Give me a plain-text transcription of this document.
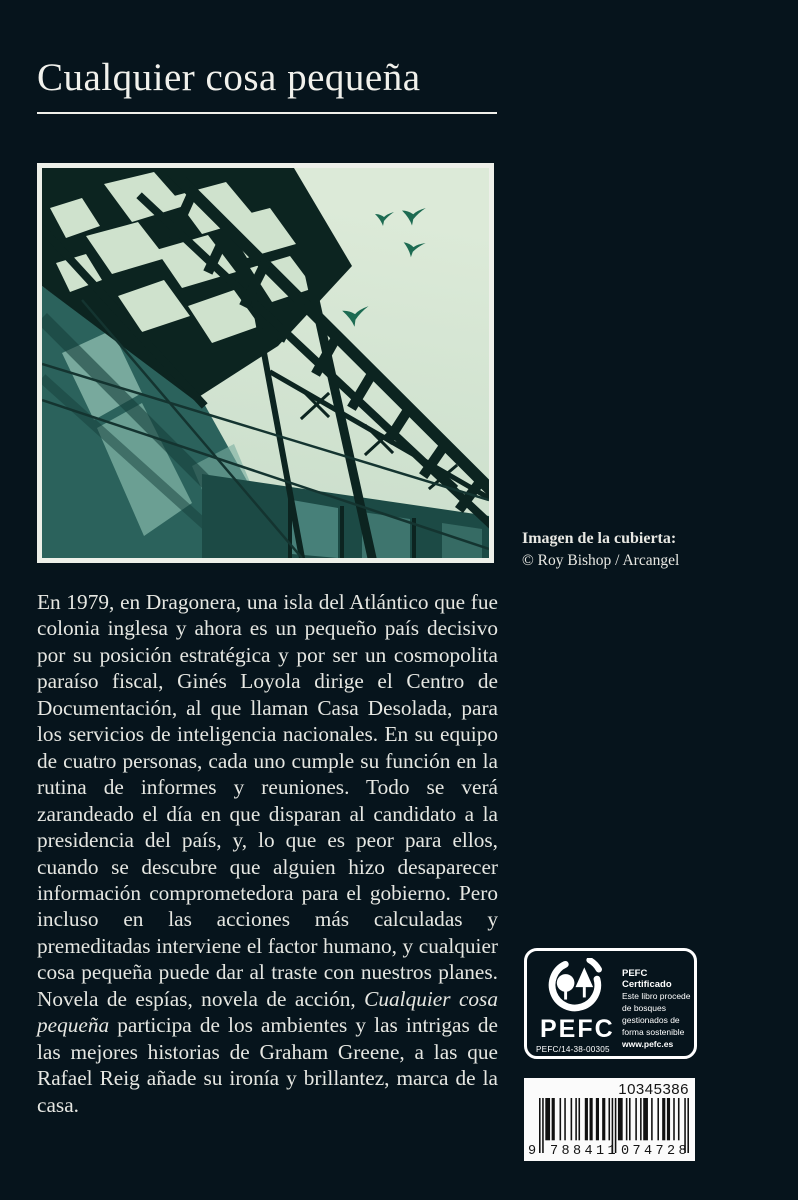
Cualquier cosa pequeña
Imagen de la cubierta:
© Roy Bishop / Arcangel

En 1979, en Dragonera, una isla del Atlántico que fue colonia inglesa y ahora es un pequeño país decisivo por su posición estratégica y por ser un cosmopolita paraíso fiscal, Ginés Loyola dirige el Centro de Documentación, al que llaman Casa Desolada, para los servicios de inteligencia nacionales. En su equipo de cuatro personas, cada uno cumple su función en la rutina de informes y reuniones. Todo se verá zarandeado el día en que disparan al candidato a la presidencia del país, y, lo que es peor para ellos, cuando se descubre que alguien hizo desaparecer información comprometedora para el gobierno. Pero incluso en las acciones más calculadas y premeditadas interviene el factor humano, y cualquier cosa pequeña puede dar al traste con nuestros planes. Novela de espías, novela de acción, Cualquier cosa pequeña participa de los ambientes y las intrigas de las mejores historias de Graham Greene, a las que Rafael Reig añade su ironía y brillantez, marca de la casa.

PEFC
PEFC/14-38-00305
PEFC Certificado
Este libro procede de bosques gestionados de forma sostenible
www.pefc.es
10345386
9 788411 074728
